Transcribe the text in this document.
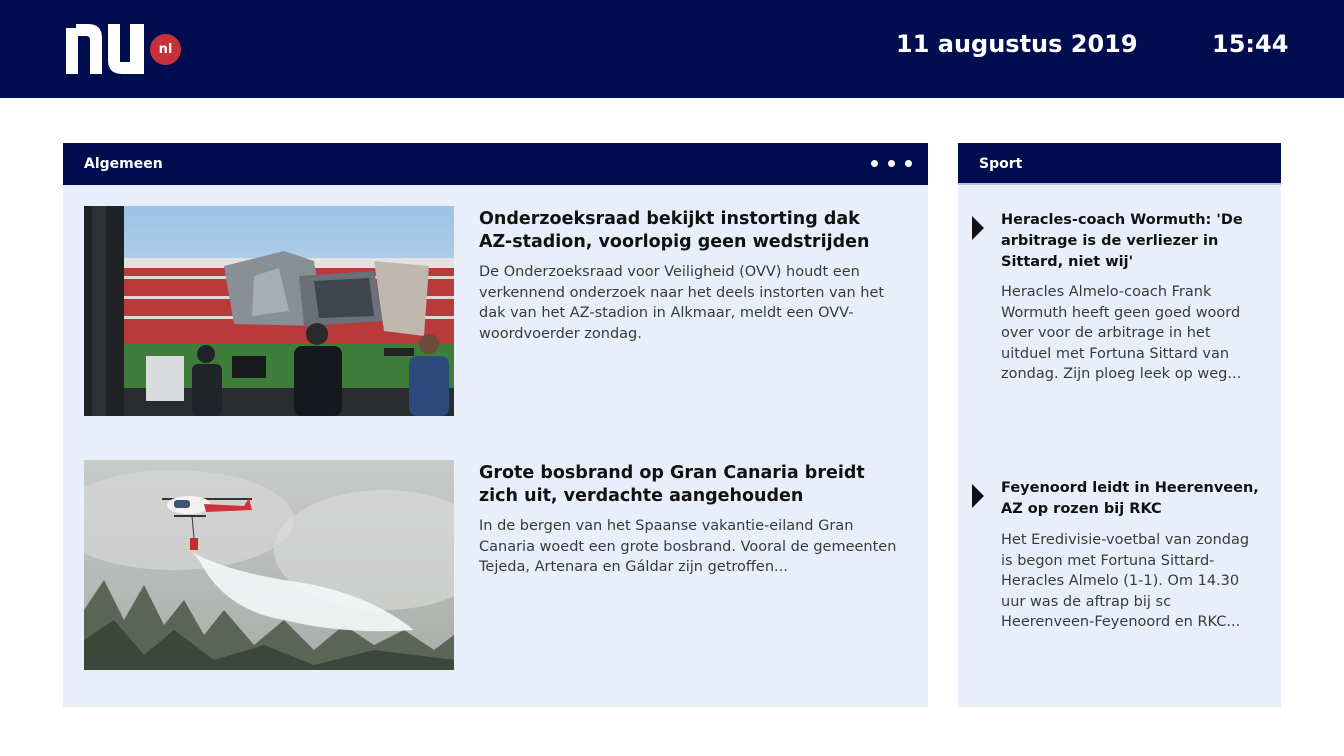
nl	11 augustus 2019	15:44
Algemeen
Onderzoeksraad bekijkt instorting dak AZ-stadion, voorlopig geen wedstrijden
De Onderzoeksraad voor Veiligheid (OVV) houdt een verkennend onderzoek naar het deels instorten van het dak van het AZ-stadion in Alkmaar, meldt een OVV-woordvoerder zondag.
Grote bosbrand op Gran Canaria breidt zich uit, verdachte aangehouden
In de bergen van het Spaanse vakantie-eiland Gran Canaria woedt een grote bosbrand. Vooral de gemeenten Tejeda, Artenara en Gáldar zijn getroffen...
Sport
Heracles-coach Wormuth: 'De arbitrage is de verliezer in Sittard, niet wij'
Heracles Almelo-coach Frank Wormuth heeft geen goed woord over voor de arbitrage in het uitduel met Fortuna Sittard van zondag. Zijn ploeg leek op weg...
Feyenoord leidt in Heerenveen, AZ op rozen bij RKC
Het Eredivisie-voetbal van zondag is begon met Fortuna Sittard-Heracles Almelo (1-1). Om 14.30 uur was de aftrap bij sc Heerenveen-Feyenoord en RKC...
